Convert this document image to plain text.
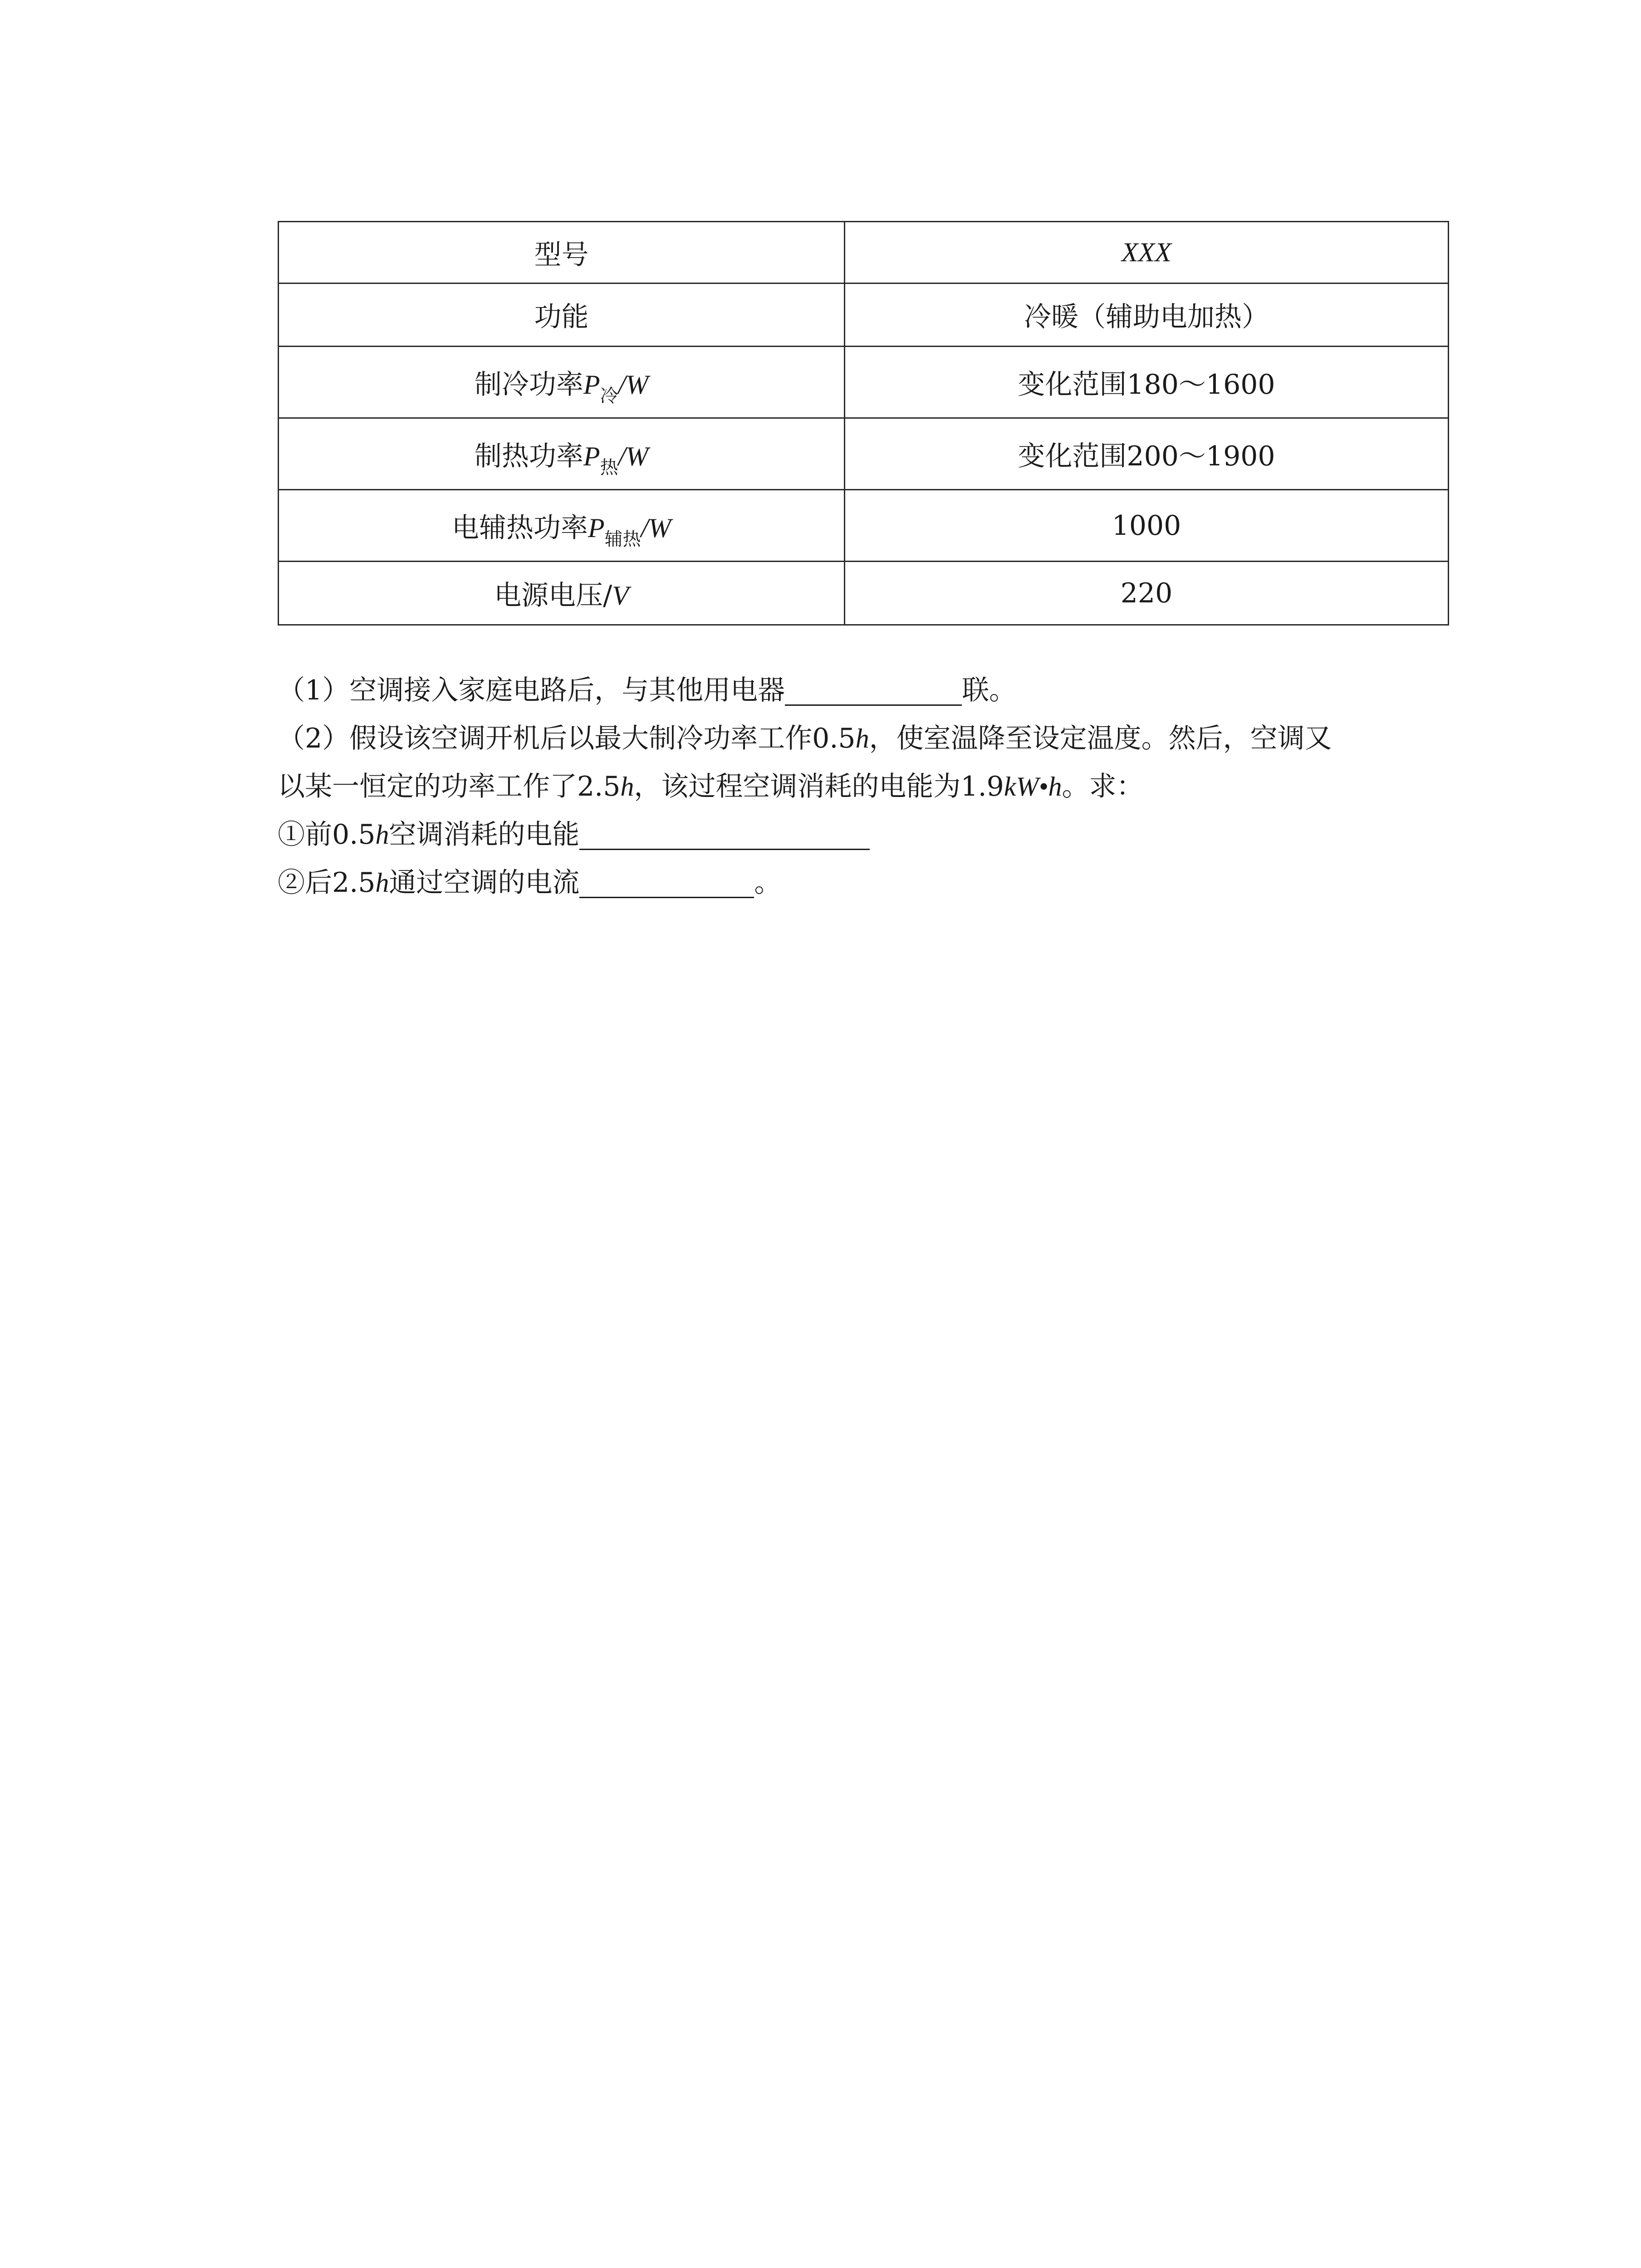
型号	XXX
功能	冷暖（辅助电加热）
制冷功率$P_冷/W$	变化范围180～1600
制热功率$P_热/W$	变化范围200～1900
电辅热功率$P_{辅热}/W$	1000
电源电压/V	220
（1）空调接入家庭电路后，与其他用电器	联。
（2）假设该空调开机后以最大制冷功率工作0.5h，使室温降至设定温度。然后，空调又
以某一恒定的功率工作了2.5h，该过程空调消耗的电能为1.9kW•h。求：
①前0.5h空调消耗的电能
②后2.5h通过空调的电流	。
